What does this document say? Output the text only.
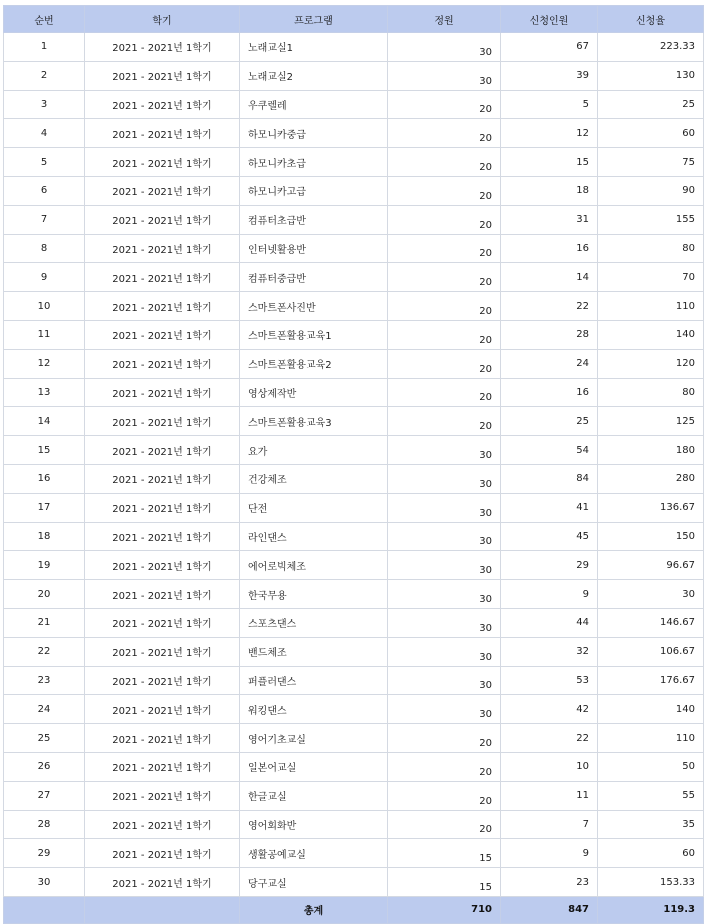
순번	학기	프로그램	정원	신청인원	신청율
1	2021 - 2021년 1학기	노래교실1	30	67	223.33
2	2021 - 2021년 1학기	노래교실2	30	39	130
3	2021 - 2021년 1학기	우쿠렐레	20	5	25
4	2021 - 2021년 1학기	하모니카중급	20	12	60
5	2021 - 2021년 1학기	하모니카초급	20	15	75
6	2021 - 2021년 1학기	하모니카고급	20	18	90
7	2021 - 2021년 1학기	컴퓨터초급반	20	31	155
8	2021 - 2021년 1학기	인터넷활용반	20	16	80
9	2021 - 2021년 1학기	컴퓨터중급반	20	14	70
10	2021 - 2021년 1학기	스마트폰사진반	20	22	110
11	2021 - 2021년 1학기	스마트폰활용교육1	20	28	140
12	2021 - 2021년 1학기	스마트폰활용교육2	20	24	120
13	2021 - 2021년 1학기	영상제작반	20	16	80
14	2021 - 2021년 1학기	스마트폰활용교육3	20	25	125
15	2021 - 2021년 1학기	요가	30	54	180
16	2021 - 2021년 1학기	건강체조	30	84	280
17	2021 - 2021년 1학기	단전	30	41	136.67
18	2021 - 2021년 1학기	라인댄스	30	45	150
19	2021 - 2021년 1학기	에어로빅체조	30	29	96.67
20	2021 - 2021년 1학기	한국무용	30	9	30
21	2021 - 2021년 1학기	스포츠댄스	30	44	146.67
22	2021 - 2021년 1학기	밴드체조	30	32	106.67
23	2021 - 2021년 1학기	퍼플러댄스	30	53	176.67
24	2021 - 2021년 1학기	워킹댄스	30	42	140
25	2021 - 2021년 1학기	영어기초교실	20	22	110
26	2021 - 2021년 1학기	일본어교실	20	10	50
27	2021 - 2021년 1학기	한글교실	20	11	55
28	2021 - 2021년 1학기	영어회화반	20	7	35
29	2021 - 2021년 1학기	생활공예교실	15	9	60
30	2021 - 2021년 1학기	당구교실	15	23	153.33
		총계	710	847	119.3
